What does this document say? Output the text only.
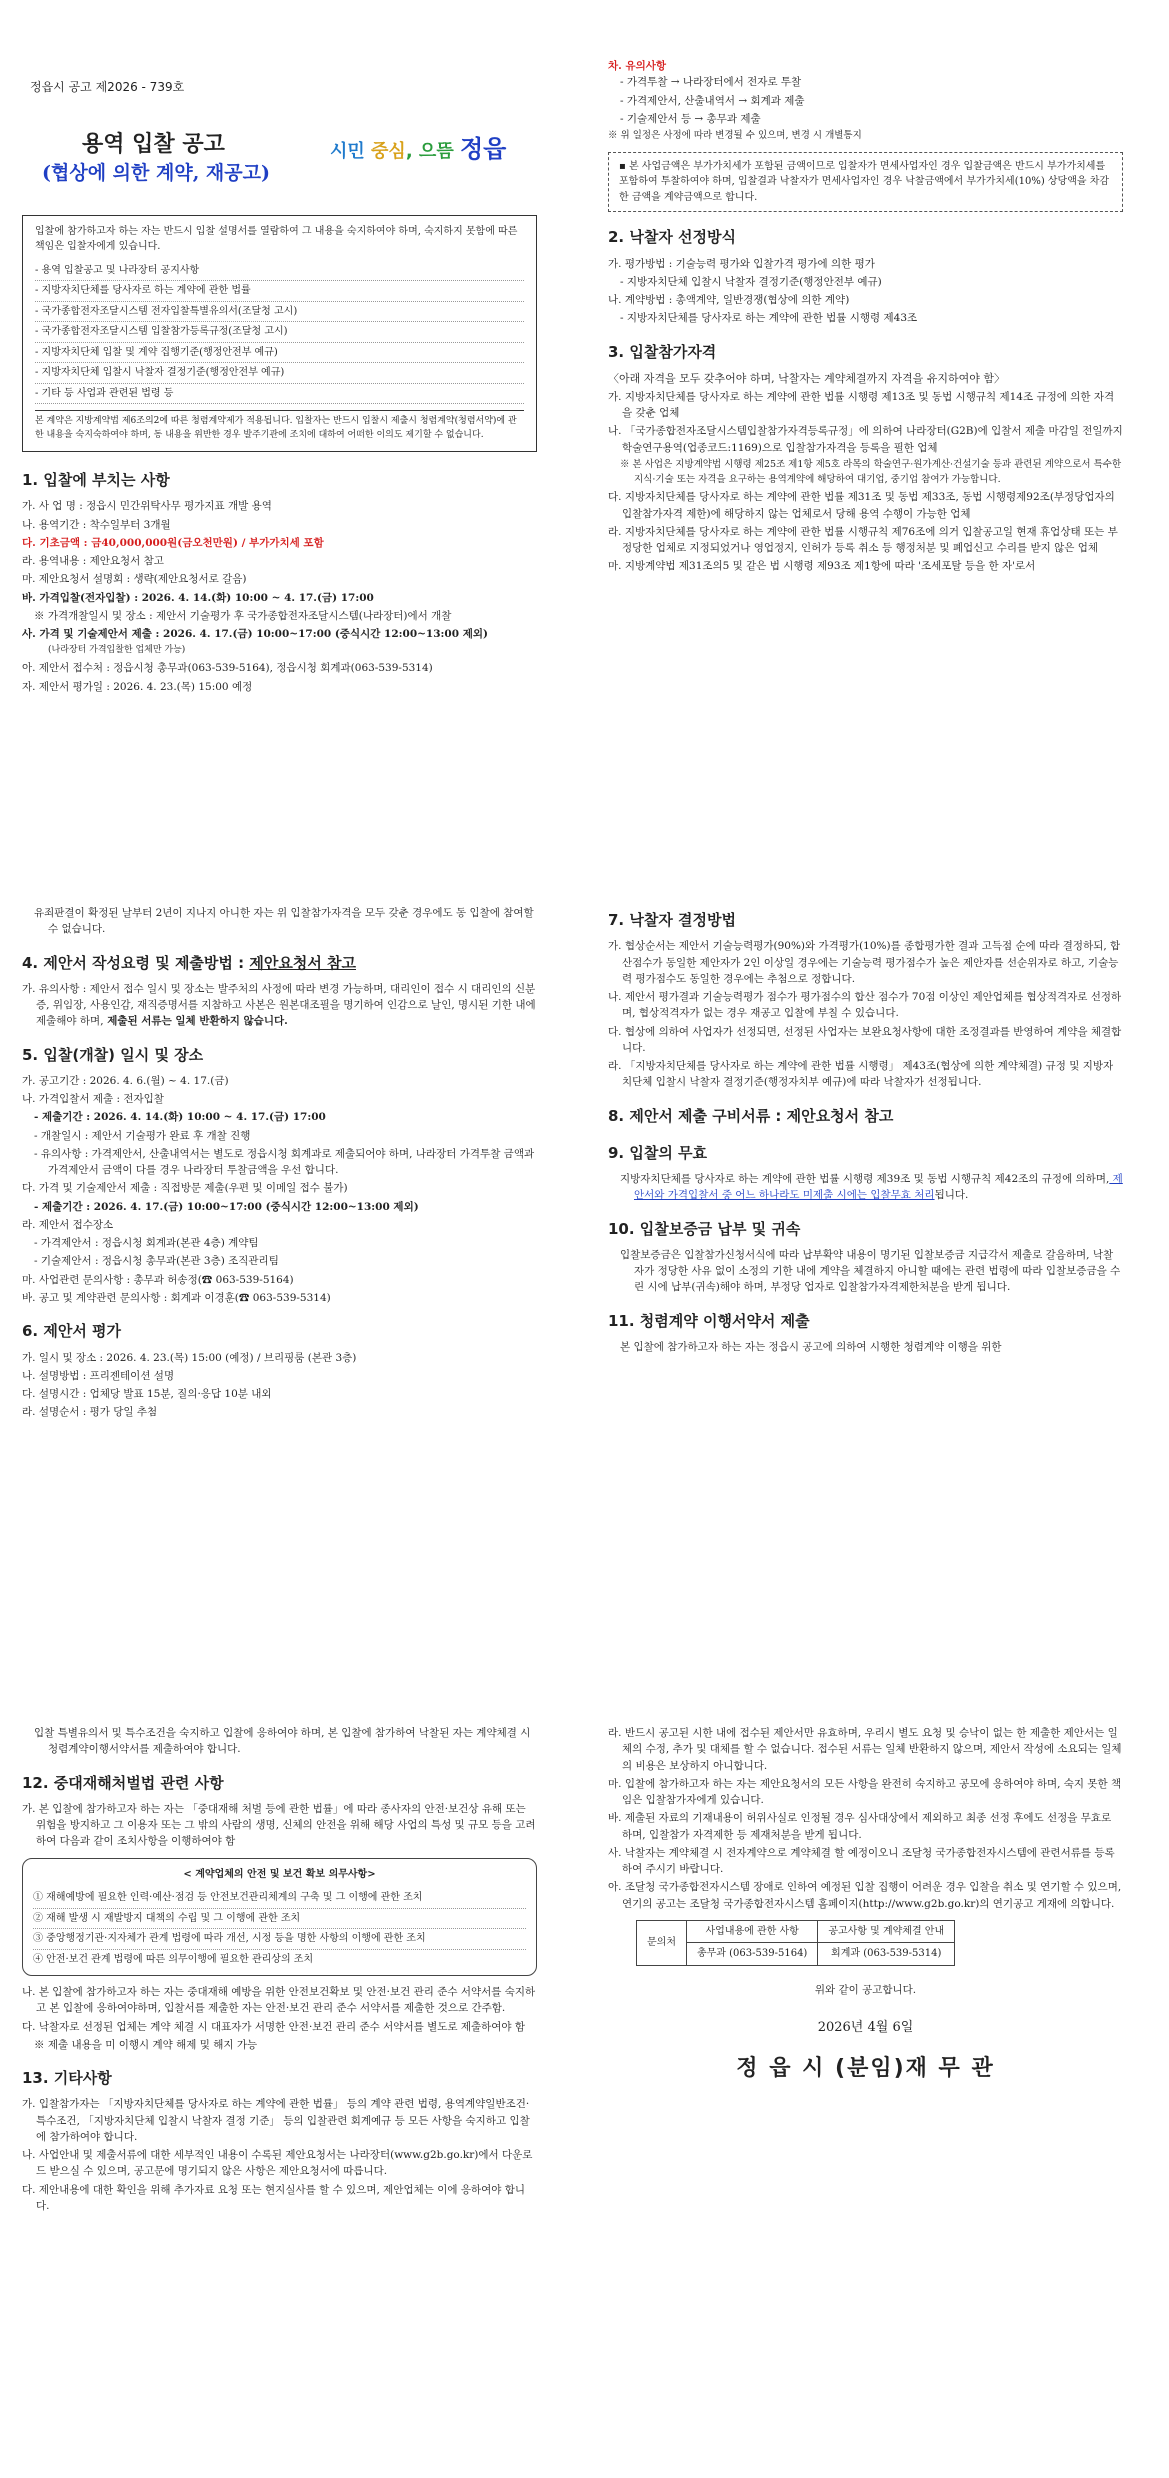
정읍시 공고 제2026 - 739호
용역 입찰 공고
(협상에 의한 계약, 재공고)
시민 중심, 으뜸 정읍

입찰에 참가하고자 하는 자는 반드시 입찰 설명서를 열람하여 그 내용을 숙지하여야 하며, 숙지하지 못함에 따른 책임은 입찰자에게 있습니다.

- 용역 입찰공고 및 나라장터 공지사항
- 지방자치단체를 당사자로 하는 계약에 관한 법률
- 국가종합전자조달시스템 전자입찰특별유의서(조달청 고시)
- 국가종합전자조달시스템 입찰참가등록규정(조달청 고시)
- 지방자치단체 입찰 및 계약 집행기준(행정안전부 예규)
- 지방자치단체 입찰시 낙찰자 결정기준(행정안전부 예규)
- 기타 등 사업과 관련된 법령 등
본 계약은 지방계약법 제6조의2에 따른 청렴계약제가 적용됩니다. 입찰자는 반드시 입찰시 제출시 청렴계약(청렴서약)에 관한 내용을 숙지숙하여야 하며, 동 내용을 위반한 경우 발주기관에 조치에 대하여 어떠한 이의도 제기할 수 없습니다.
1. 입찰에 부치는 사항
가. 사 업 명 : 정읍시 민간위탁사무 평가지표 개발 용역
나. 용역기간 : 착수일부터 3개월
다. 기초금액 : 금40,000,000원(금오천만원) / 부가가치세 포함
라. 용역내용 : 제안요청서 참고
마. 제안요청서 설명회 : 생략(제안요청서로 갈음)
바. 가격입찰(전자입찰) : 2026. 4. 14.(화) 10:00 ~ 4. 17.(금) 17:00
※ 가격개찰일시 및 장소 : 제안서 기술평가 후 국가종합전자조달시스템(나라장터)에서 개찰
사. 가격 및 기술제안서 제출 : 2026. 4. 17.(금) 10:00~17:00 (중식시간 12:00~13:00 제외)
(나라장터 가격입찰한 업체만 가능)
아. 제안서 접수처 : 정읍시청 총무과(063-539-5164), 정읍시청 회계과(063-539-5314)
자. 제안서 평가일 : 2026. 4. 23.(목) 15:00 예정
차. 유의사항
- 가격투찰 → 나라장터에서 전자로 투찰
- 가격제안서, 산출내역서 → 회계과 제출
- 기술제안서 등 → 총무과 제출
※ 위 일정은 사정에 따라 변경될 수 있으며, 변경 시 개별통지
▪ 본 사업금액은 부가가치세가 포함된 금액이므로 입찰자가 면세사업자인 경우 입찰금액은 반드시 부가가치세를 포함하여 투찰하여야 하며, 입찰결과 낙찰자가 면세사업자인 경우 낙찰금액에서 부가가치세(10%) 상당액을 차감한 금액을 계약금액으로 합니다.
2. 낙찰자 선정방식
가. 평가방법 : 기술능력 평가와 입찰가격 평가에 의한 평가
- 지방자치단체 입찰시 낙찰자 결정기준(행정안전부 예규)
나. 계약방법 : 총액계약, 일반경쟁(협상에 의한 계약)
- 지방자치단체를 당사자로 하는 계약에 관한 법률 시행령 제43조
3. 입찰참가자격
〈아래 자격을 모두 갖추어야 하며, 낙찰자는 계약체결까지 자격을 유지하여야 함〉
가. 지방자치단체를 당사자로 하는 계약에 관한 법률 시행령 제13조 및 동법 시행규칙 제14조 규정에 의한 자격을 갖춘 업체
나. 「국가종합전자조달시스템입찰참가자격등록규정」에 의하여 나라장터(G2B)에 입찰서 제출 마감일 전일까지 학술연구용역(업종코드:1169)으로 입찰참가자격을 등록을 필한 업체
※ 본 사업은 지방계약법 시행령 제25조 제1항 제5호 라목의 학술연구·원가계산·건설기술 등과 관련된 계약으로서 특수한 지식·기술 또는 자격을 요구하는 용역계약에 해당하여 대기업, 중기업 참여가 가능합니다.
다. 지방자치단체를 당사자로 하는 계약에 관한 법률 제31조 및 동법 제33조, 동법 시행령제92조(부정당업자의 입찰참가자격 제한)에 해당하지 않는 업체로서 당해 용역 수행이 가능한 업체
라. 지방자치단체를 당사자로 하는 계약에 관한 법률 시행규칙 제76조에 의거 입찰공고일 현재 휴업상태 또는 부정당한 업체로 지정되었거나 영업정지, 인허가 등록 취소 등 행정처분 및 폐업신고 수리를 받지 않은 업체
마. 지방계약법 제31조의5 및 같은 법 시행령 제93조 제1항에 따라 '조세포탈 등을 한 자'로서
유죄판결이 확정된 날부터 2년이 지나지 아니한 자는 위 입찰참가자격을 모두 갖춘 경우에도 동 입찰에 참여할 수 없습니다.
4. 제안서 작성요령 및 제출방법 : 제안요청서 참고
가. 유의사항 : 제안서 접수 일시 및 장소는 발주처의 사정에 따라 변경 가능하며, 대리인이 접수 시 대리인의 신분증, 위임장, 사용인감, 재직증명서를 지참하고 사본은 원본대조필을 명기하여 인감으로 날인, 명시된 기한 내에 제출해야 하며, 제출된 서류는 일체 반환하지 않습니다.
5. 입찰(개찰) 일시 및 장소
가. 공고기간 : 2026. 4. 6.(월) ~ 4. 17.(금)
나. 가격입찰서 제출 : 전자입찰
- 제출기간 : 2026. 4. 14.(화) 10:00 ~ 4. 17.(금) 17:00
- 개찰일시 : 제안서 기술평가 완료 후 개찰 진행
- 유의사항 : 가격제안서, 산출내역서는 별도로 정읍시청 회계과로 제출되어야 하며, 나라장터 가격투찰 금액과 가격제안서 금액이 다를 경우 나라장터 투찰금액을 우선 합니다.
다. 가격 및 기술제안서 제출 : 직접방문 제출(우편 및 이메일 접수 불가)
- 제출기간 : 2026. 4. 17.(금) 10:00~17:00 (중식시간 12:00~13:00 제외)
라. 제안서 접수장소
- 가격제안서 : 정읍시청 회계과(본관 4층) 계약팀
- 기술제안서 : 정읍시청 총무과(본관 3층) 조직관리팀
마. 사업관련 문의사항 : 총무과 허송정(☎ 063-539-5164)
바. 공고 및 계약관련 문의사항 : 회계과 이경훈(☎ 063-539-5314)
6. 제안서 평가
가. 일시 및 장소 : 2026. 4. 23.(목) 15:00 (예정) / 브리핑룸 (본관 3층)
나. 설명방법 : 프리젠테이션 설명
다. 설명시간 : 업체당 발표 15분, 질의·응답 10분 내외
라. 설명순서 : 평가 당일 추첨
7. 낙찰자 결정방법
가. 협상순서는 제안서 기술능력평가(90%)와 가격평가(10%)를 종합평가한 결과 고득점 순에 따라 결정하되, 합산점수가 동일한 제안자가 2인 이상일 경우에는 기술능력 평가점수가 높은 제안자를 선순위자로 하고, 기술능력 평가점수도 동일한 경우에는 추첨으로 정합니다.
나. 제안서 평가결과 기술능력평가 점수가 평가점수의 합산 점수가 70점 이상인 제안업체를 협상적격자로 선정하며, 협상적격자가 없는 경우 재공고 입찰에 부칠 수 있습니다.
다. 협상에 의하여 사업자가 선정되면, 선정된 사업자는 보완요청사항에 대한 조정결과를 반영하여 계약을 체결합니다.
라. 「지방자치단체를 당사자로 하는 계약에 관한 법률 시행령」 제43조(협상에 의한 계약체결) 규정 및 지방자치단체 입찰시 낙찰자 결정기준(행정자치부 예규)에 따라 낙찰자가 선정됩니다.
8. 제안서 제출 구비서류 : 제안요청서 참고
9. 입찰의 무효
지방자치단체를 당사자로 하는 계약에 관한 법률 시행령 제39조 및 동법 시행규칙 제42조의 규정에 의하며, 제안서와 가격입찰서 중 어느 하나라도 미제출 시에는 입찰무효 처리됩니다.
10. 입찰보증금 납부 및 귀속
입찰보증금은 입찰참가신청서식에 따라 납부확약 내용이 명기된 입찰보증금 지급각서 제출로 갈음하며, 낙찰자가 정당한 사유 없이 소정의 기한 내에 계약을 체결하지 아니할 때에는 관련 법령에 따라 입찰보증금을 수린 시에 납부(귀속)해야 하며, 부정당 업자로 입찰참가자격제한처분을 받게 됩니다.
11. 청렴계약 이행서약서 제출
본 입찰에 참가하고자 하는 자는 정읍시 공고에 의하여 시행한 청렴계약 이행을 위한
입찰 특별유의서 및 특수조건을 숙지하고 입찰에 응하여야 하며, 본 입찰에 참가하여 낙찰된 자는 계약체결 시 청렴계약이행서약서를 제출하여야 합니다.
12. 중대재해처벌법 관련 사항
가. 본 입찰에 참가하고자 하는 자는 「중대재해 처벌 등에 관한 법률」에 따라 종사자의 안전·보건상 유해 또는 위험을 방지하고 그 이용자 또는 그 밖의 사람의 생명, 신체의 안전을 위해 해당 사업의 특성 및 규모 등을 고려하여 다음과 같이 조치사항을 이행하여야 함
< 계약업체의 안전 및 보건 확보 의무사항>
① 재해예방에 필요한 인력·예산·점검 등 안전보건관리체계의 구축 및 그 이행에 관한 조치
② 재해 발생 시 재발방지 대책의 수립 및 그 이행에 관한 조치
③ 중앙행정기관·지자체가 관계 법령에 따라 개선, 시정 등을 명한 사항의 이행에 관한 조치
④ 안전·보건 관계 법령에 따른 의무이행에 필요한 관리상의 조치
나. 본 입찰에 참가하고자 하는 자는 중대재해 예방을 위한 안전보건확보 및 안전·보건 관리 준수 서약서를 숙지하고 본 입찰에 응하여야하며, 입찰서를 제출한 자는 안전·보건 관리 준수 서약서를 제출한 것으로 간주함.
다. 낙찰자로 선정된 업체는 계약 체결 시 대표자가 서명한 안전·보건 관리 준수 서약서를 별도로 제출하여야 함
※ 제출 내용을 미 이행시 계약 해제 및 해지 가능
13. 기타사항
가. 입찰참가자는 「지방자치단체를 당사자로 하는 계약에 관한 법률」 등의 계약 관련 법령, 용역계약일반조건·특수조건, 「지방자치단체 입찰시 낙찰자 결정 기준」 등의 입찰관련 회계예규 등 모든 사항을 숙지하고 입찰에 참가하여야 합니다.
나. 사업안내 및 제출서류에 대한 세부적인 내용이 수록된 제안요청서는 나라장터(www.g2b.go.kr)에서 다운로드 받으실 수 있으며, 공고문에 명기되지 않은 사항은 제안요청서에 따릅니다.
다. 제안내용에 대한 확인을 위해 추가자료 요청 또는 현지실사를 할 수 있으며, 제안업체는 이에 응하여야 합니다.
라. 반드시 공고된 시한 내에 접수된 제안서만 유효하며, 우리시 별도 요청 및 승낙이 없는 한 제출한 제안서는 일체의 수정, 추가 및 대체를 할 수 없습니다. 접수된 서류는 일체 반환하지 않으며, 제안서 작성에 소요되는 일체의 비용은 보상하지 아니합니다.
마. 입찰에 참가하고자 하는 자는 제안요청서의 모든 사항을 완전히 숙지하고 공모에 응하여야 하며, 숙지 못한 책임은 입찰참가자에게 있습니다.
바. 제출된 자료의 기재내용이 허위사실로 인정될 경우 심사대상에서 제외하고 최종 선정 후에도 선정을 무효로 하며, 입찰참가 자격제한 등 제재처분을 받게 됩니다.
사. 낙찰자는 계약체결 시 전자계약으로 계약체결 할 예정이오니 조달청 국가종합전자시스템에 관련서류를 등록하여 주시기 바랍니다.
아. 조달청 국가종합전자시스템 장애로 인하여 예정된 입찰 집행이 어려운 경우 입찰을 취소 및 연기할 수 있으며, 연기의 공고는 조달청 국가종합전자시스템 홈페이지(http://www.g2b.go.kr)의 연기공고 게재에 의합니다.
문의처	사업내용에 관한 사항	공고사항 및 계약체결 안내
	총무과 (063-539-5164)	회계과 (063-539-5314)
위와 같이 공고합니다.
2026년 4월 6일
정 읍 시 (분임)재 무 관
